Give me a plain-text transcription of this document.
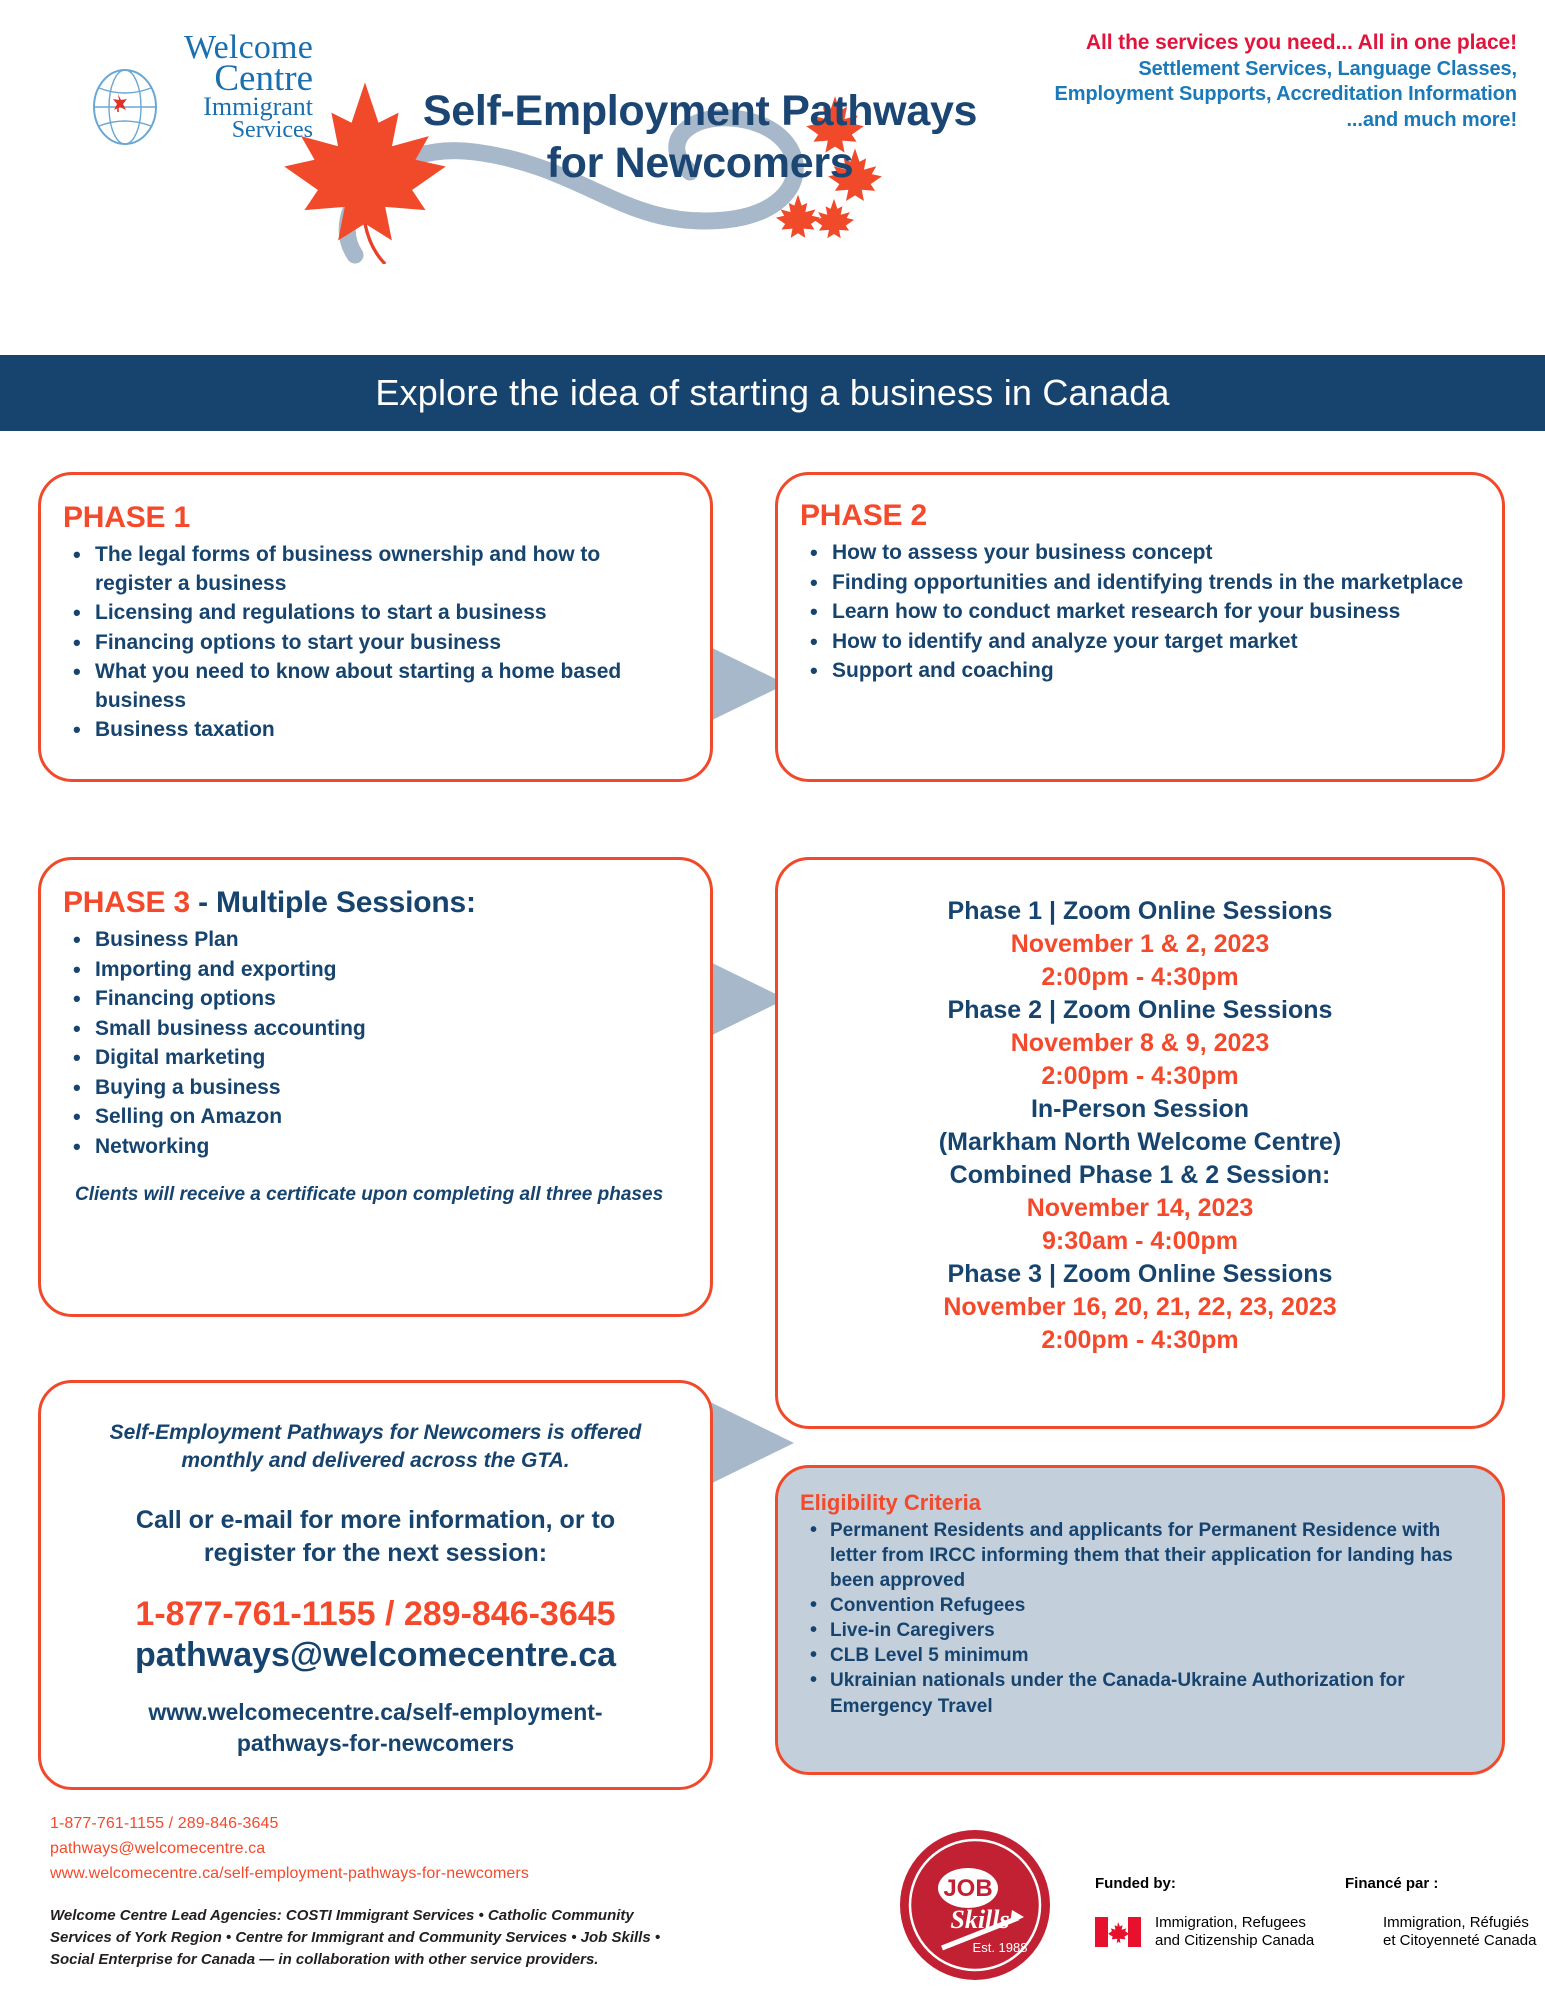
Welcome
Centre
Immigrant
Services
All the services you need... All in one place!
Settlement Services, Language Classes,
Employment Supports, Accreditation Information
...and much more!
Self-Employment Pathways
for Newcomers
Explore the idea of starting a business in Canada
PHASE 1
• The legal forms of business ownership and how to register a business
• Licensing and regulations to start a business
• Financing options to start your business
• What you need to know about starting a home based business
• Business taxation
PHASE 2
• How to assess your business concept
• Finding opportunities and identifying trends in the marketplace
• Learn how to conduct market research for your business
• How to identify and analyze your target market
• Support and coaching
PHASE 3 - Multiple Sessions:
• Business Plan
• Importing and exporting
• Financing options
• Small business accounting
• Digital marketing
• Buying a business
• Selling on Amazon
• Networking
Clients will receive a certificate upon completing all three phases
Phase 1 | Zoom Online Sessions
November 1 & 2, 2023
2:00pm - 4:30pm
Phase 2 | Zoom Online Sessions
November 8 & 9, 2023
2:00pm - 4:30pm
In-Person Session
(Markham North Welcome Centre)
Combined Phase 1 & 2 Session:
November 14, 2023
9:30am - 4:00pm
Phase 3 | Zoom Online Sessions
November 16, 20, 21, 22, 23, 2023
2:00pm - 4:30pm
Self-Employment Pathways for Newcomers is offered
monthly and delivered across the GTA.
Call or e-mail for more information, or to
register for the next session:
1-877-761-1155 / 289-846-3645
pathways@welcomecentre.ca
www.welcomecentre.ca/self-employment-
pathways-for-newcomers
Eligibility Criteria
• Permanent Residents and applicants for Permanent Residence with letter from IRCC informing them that their application for landing has been approved
• Convention Refugees
• Live-in Caregivers
• CLB Level 5 minimum
• Ukrainian nationals under the Canada-Ukraine Authorization for Emergency Travel
1-877-761-1155 / 289-846-3645
pathways@welcomecentre.ca
www.welcomecentre.ca/self-employment-pathways-for-newcomers
Welcome Centre Lead Agencies: COSTI Immigrant Services • Catholic Community
Services of York Region • Centre for Immigrant and Community Services • Job Skills •
Social Enterprise for Canada — in collaboration with other service providers.
JOB
Skills
Est. 1988
Funded by:	Financé par :
Immigration, Refugees
and Citizenship Canada
Immigration, Réfugiés
et Citoyenneté Canada
